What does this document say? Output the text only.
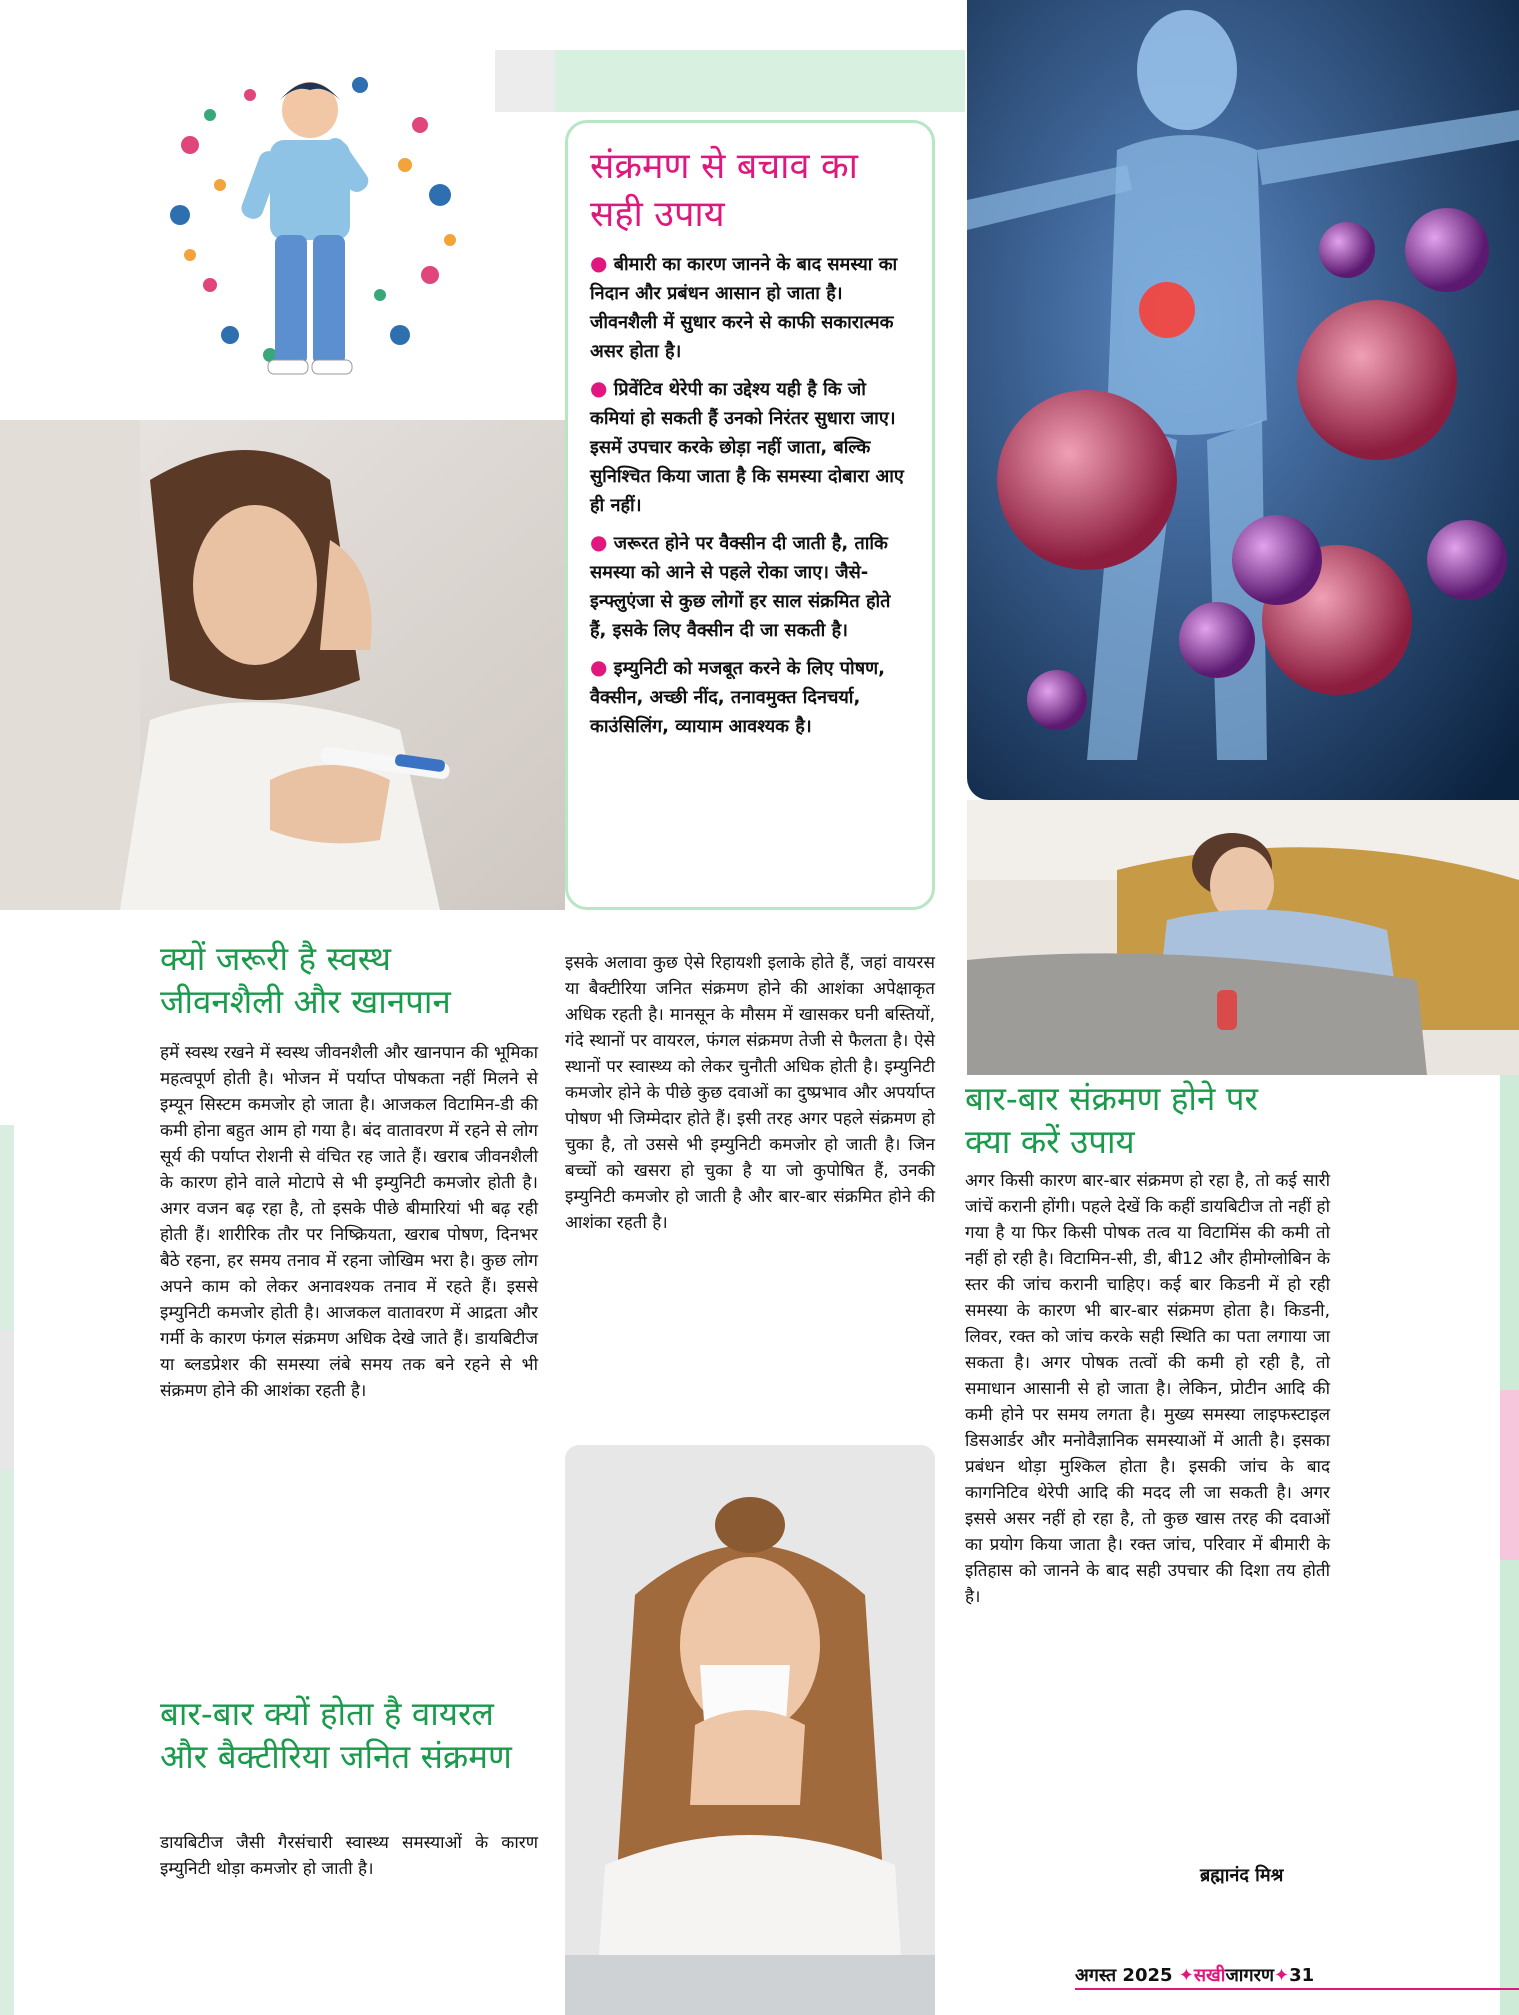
संक्रमण से बचाव का सही उपाय

● बीमारी का कारण जानने के बाद समस्या का निदान और प्रबंधन आसान हो जाता है। जीवनशैली में सुधार करने से काफी सकारात्मक असर होता है।

● प्रिवेंटिव थेरेपी का उद्देश्य यही है कि जो कमियां हो सकती हैं उनको निरंतर सुधारा जाए। इसमें उपचार करके छोड़ा नहीं जाता, बल्कि सुनिश्चित किया जाता है कि समस्या दोबारा आए ही नहीं।

● जरूरत होने पर वैक्सीन दी जाती है, ताकि समस्या को आने से पहले रोका जाए। जैसे- इन्फ्लुएंजा से कुछ लोगों हर साल संक्रमित होते हैं, इसके लिए वैक्सीन दी जा सकती है।

● इम्युनिटी को मजबूत करने के लिए पोषण, वैक्सीन, अच्छी नींद, तनावमुक्त दिनचर्या, काउंसिलिंग, व्यायाम आवश्यक है।

क्यों जरूरी है स्वस्थ जीवनशैली और खानपान

हमें स्वस्थ रखने में स्वस्थ जीवनशैली और खानपान की भूमिका महत्वपूर्ण होती है। भोजन में पर्याप्त पोषकता नहीं मिलने से इम्यून सिस्टम कमजोर हो जाता है। आजकल विटामिन-डी की कमी होना बहुत आम हो गया है। बंद वातावरण में रहने से लोग सूर्य की पर्याप्त रोशनी से वंचित रह जाते हैं। खराब जीवनशैली के कारण होने वाले मोटापे से भी इम्युनिटी कमजोर होती है। अगर वजन बढ़ रहा है, तो इसके पीछे बीमारियां भी बढ़ रही होती हैं। शारीरिक तौर पर निष्क्रियता, खराब पोषण, दिनभर बैठे रहना, हर समय तनाव में रहना जोखिम भरा है। कुछ लोग अपने काम को लेकर अनावश्यक तनाव में रहते हैं। इससे इम्युनिटी कमजोर होती है। आजकल वातावरण में आद्रता और गर्मी के कारण फंगल संक्रमण अधिक देखे जाते हैं। डायबिटीज या ब्लडप्रेशर की समस्या लंबे समय तक बने रहने से भी संक्रमण होने की आशंका रहती है।

बार-बार क्यों होता है वायरल और बैक्टीरिया जनित संक्रमण

डायबिटीज जैसी गैरसंचारी स्वास्थ्य समस्याओं के कारण इम्युनिटी थोड़ा कमजोर हो जाती है।

इसके अलावा कुछ ऐसे रिहायशी इलाके होते हैं, जहां वायरस या बैक्टीरिया जनित संक्रमण होने की आशंका अपेक्षाकृत अधिक रहती है। मानसून के मौसम में खासकर घनी बस्तियों, गंदे स्थानों पर वायरल, फंगल संक्रमण तेजी से फैलता है। ऐसे स्थानों पर स्वास्थ्य को लेकर चुनौती अधिक होती है। इम्युनिटी कमजोर होने के पीछे कुछ दवाओं का दुष्प्रभाव और अपर्याप्त पोषण भी जिम्मेदार होते हैं। इसी तरह अगर पहले संक्रमण हो चुका है, तो उससे भी इम्युनिटी कमजोर हो जाती है। जिन बच्चों को खसरा हो चुका है या जो कुपोषित हैं, उनकी इम्युनिटी कमजोर हो जाती है और बार-बार संक्रमित होने की आशंका रहती है।

बार-बार संक्रमण होने पर क्या करें उपाय

अगर किसी कारण बार-बार संक्रमण हो रहा है, तो कई सारी जांचें करानी होंगी। पहले देखें कि कहीं डायबिटीज तो नहीं हो गया है या फिर किसी पोषक तत्व या विटामिंस की कमी तो नहीं हो रही है। विटामिन-सी, डी, बी12 और हीमोग्लोबिन के स्तर की जांच करानी चाहिए। कई बार किडनी में हो रही समस्या के कारण भी बार-बार संक्रमण होता है। किडनी, लिवर, रक्त को जांच करके सही स्थिति का पता लगाया जा सकता है। अगर पोषक तत्वों की कमी हो रही है, तो समाधान आसानी से हो जाता है। लेकिन, प्रोटीन आदि की कमी होने पर समय लगता है। मुख्य समस्या लाइफस्टाइल डिसआर्डर और मनोवैज्ञानिक समस्याओं में आती है। इसका प्रबंधन थोड़ा मुश्किल होता है। इसकी जांच के बाद कागनिटिव थेरेपी आदि की मदद ली जा सकती है। अगर इससे असर नहीं हो रहा है, तो कुछ खास तरह की दवाओं का प्रयोग किया जाता है। रक्त जांच, परिवार में बीमारी के इतिहास को जानने के बाद सही उपचार की दिशा तय होती है।

ब्रह्मानंद मिश्र
अगस्त 2025 ✦सखीजागरण✦31
